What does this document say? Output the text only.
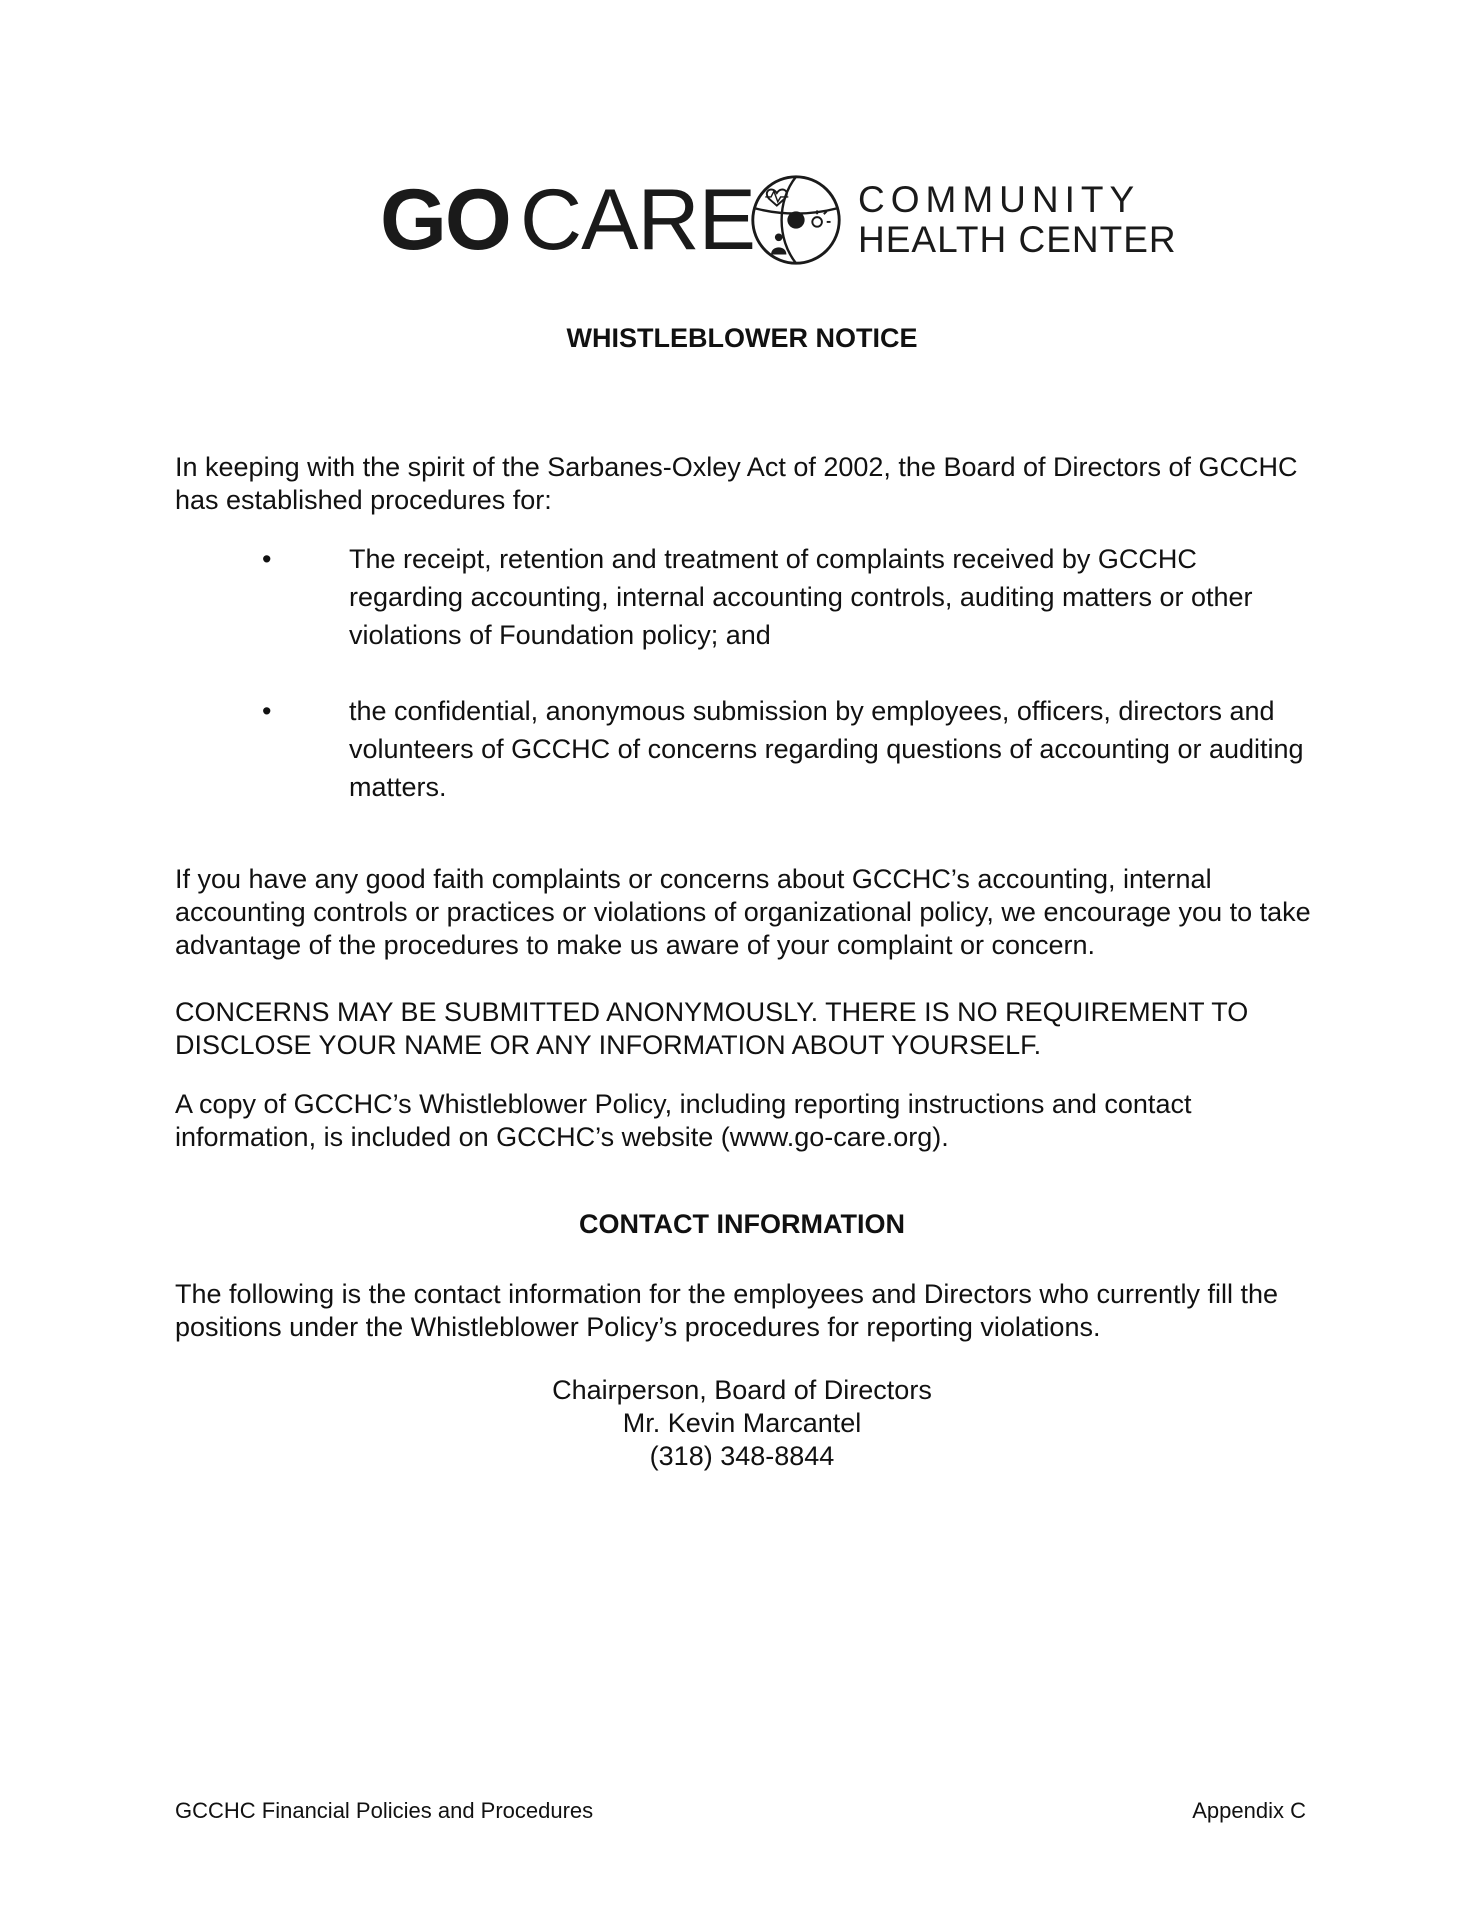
GO CARE	COMMUNITY
HEALTH CENTER
WHISTLEBLOWER NOTICE

In keeping with the spirit of the Sarbanes-Oxley Act of 2002, the Board of Directors of GCCHC has established procedures for:

•	The receipt, retention and treatment of complaints received by GCCHC regarding accounting, internal accounting controls, auditing matters or other violations of Foundation policy; and

•	the confidential, anonymous submission by employees, officers, directors and volunteers of GCCHC of concerns regarding questions of accounting or auditing matters.

If you have any good faith complaints or concerns about GCCHC’s accounting, internal accounting controls or practices or violations of organizational policy, we encourage you to take advantage of the procedures to make us aware of your complaint or concern.

CONCERNS MAY BE SUBMITTED ANONYMOUSLY. THERE IS NO REQUIREMENT TO DISCLOSE YOUR NAME OR ANY INFORMATION ABOUT YOURSELF.

A copy of GCCHC’s Whistleblower Policy, including reporting instructions and contact information, is included on GCCHC’s website (www.go-care.org).

CONTACT INFORMATION

The following is the contact information for the employees and Directors who currently fill the positions under the Whistleblower Policy’s procedures for reporting violations.

Chairperson, Board of Directors
Mr. Kevin Marcantel
(318) 348-8844
GCCHC Financial Policies and Procedures	Appendix C
